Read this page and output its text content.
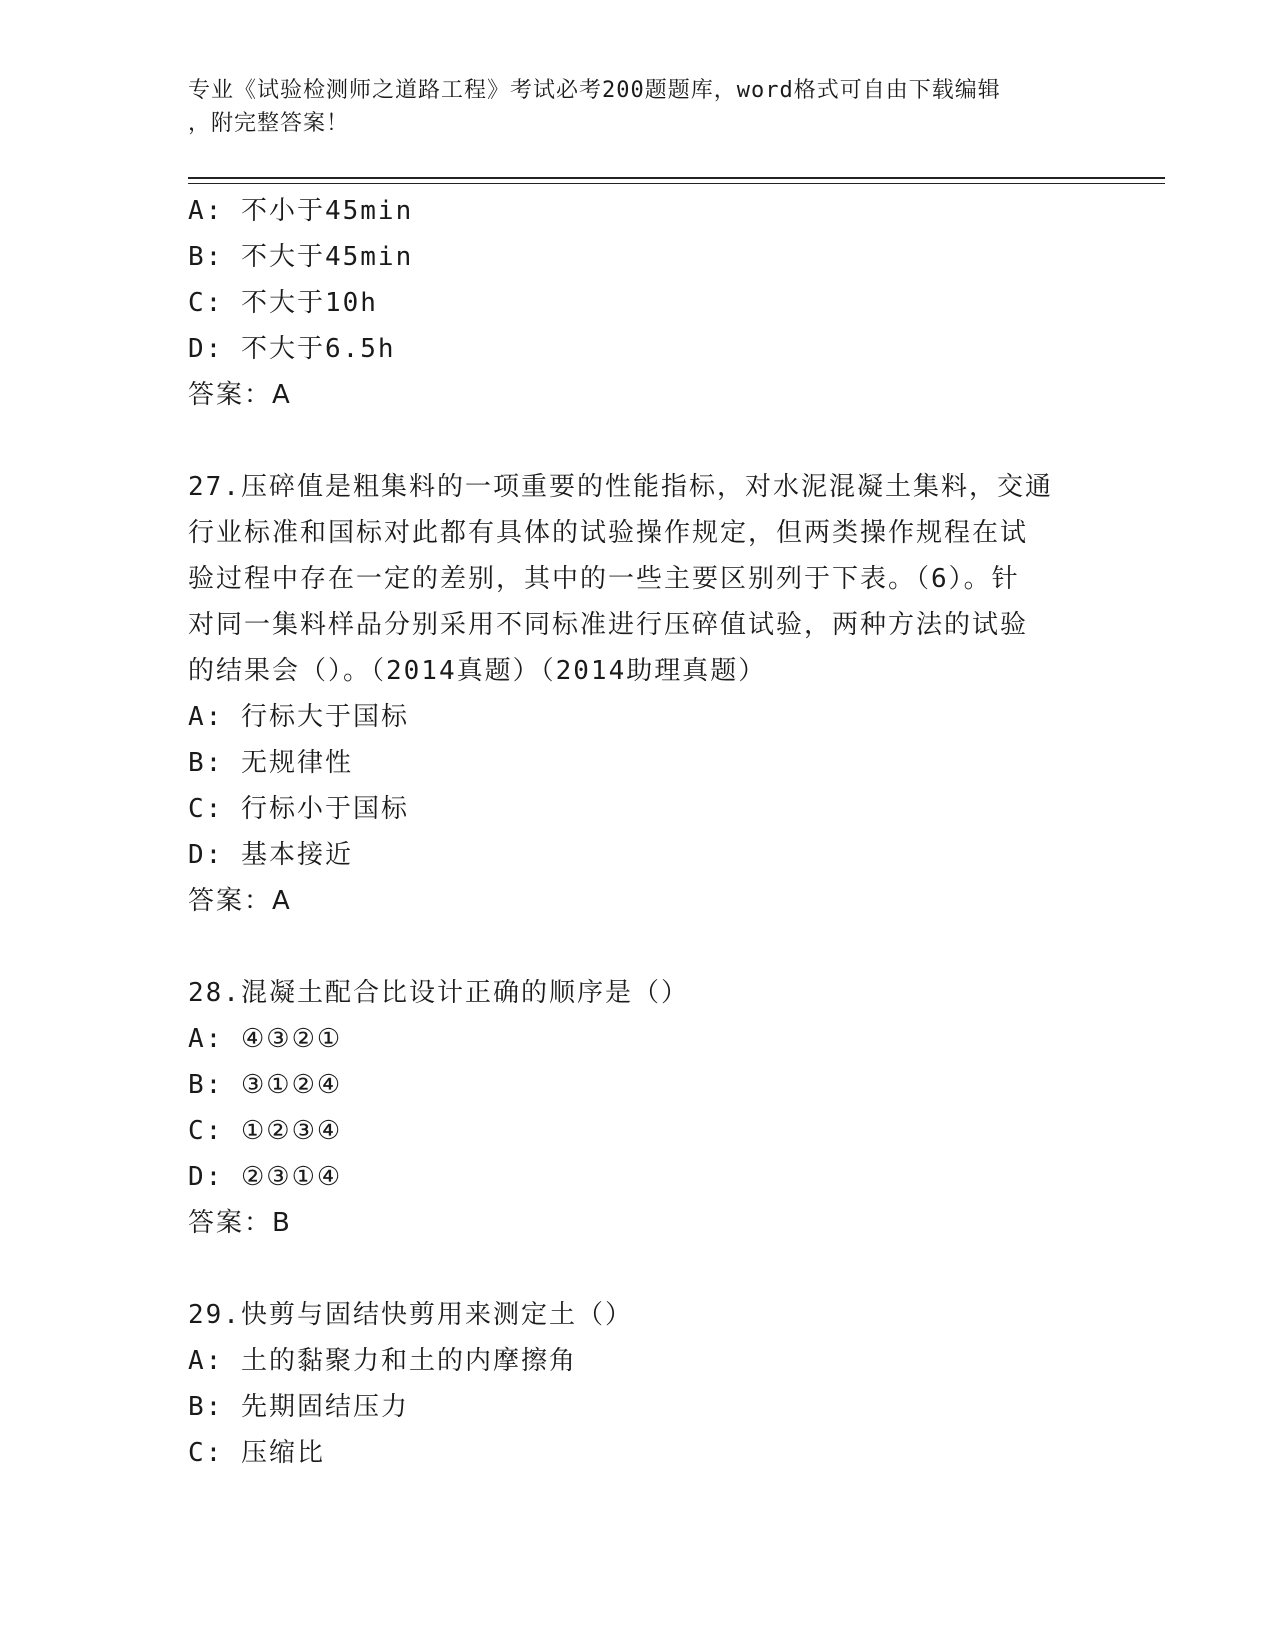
专业《试验检测师之道路工程》考试必考200题题库，word格式可自由下载编辑
，附完整答案！
A: 不小于45min
B: 不大于45min
C: 不大于10h
D: 不大于6.5h
答案：A
27.压碎值是粗集料的一项重要的性能指标，对水泥混凝土集料，交通
行业标准和国标对此都有具体的试验操作规定，但两类操作规程在试
验过程中存在一定的差别，其中的一些主要区别列于下表。（6）。针
对同一集料样品分别采用不同标准进行压碎值试验，两种方法的试验
的结果会（）。（2014真题）（2014助理真题）
A: 行标大于国标
B: 无规律性
C: 行标小于国标
D: 基本接近
答案：A
28.混凝土配合比设计正确的顺序是（）
A: ④③②①
B: ③①②④
C: ①②③④
D: ②③①④
答案：B
29.快剪与固结快剪用来测定土（）
A: 土的黏聚力和土的内摩擦角
B: 先期固结压力
C: 压缩比
